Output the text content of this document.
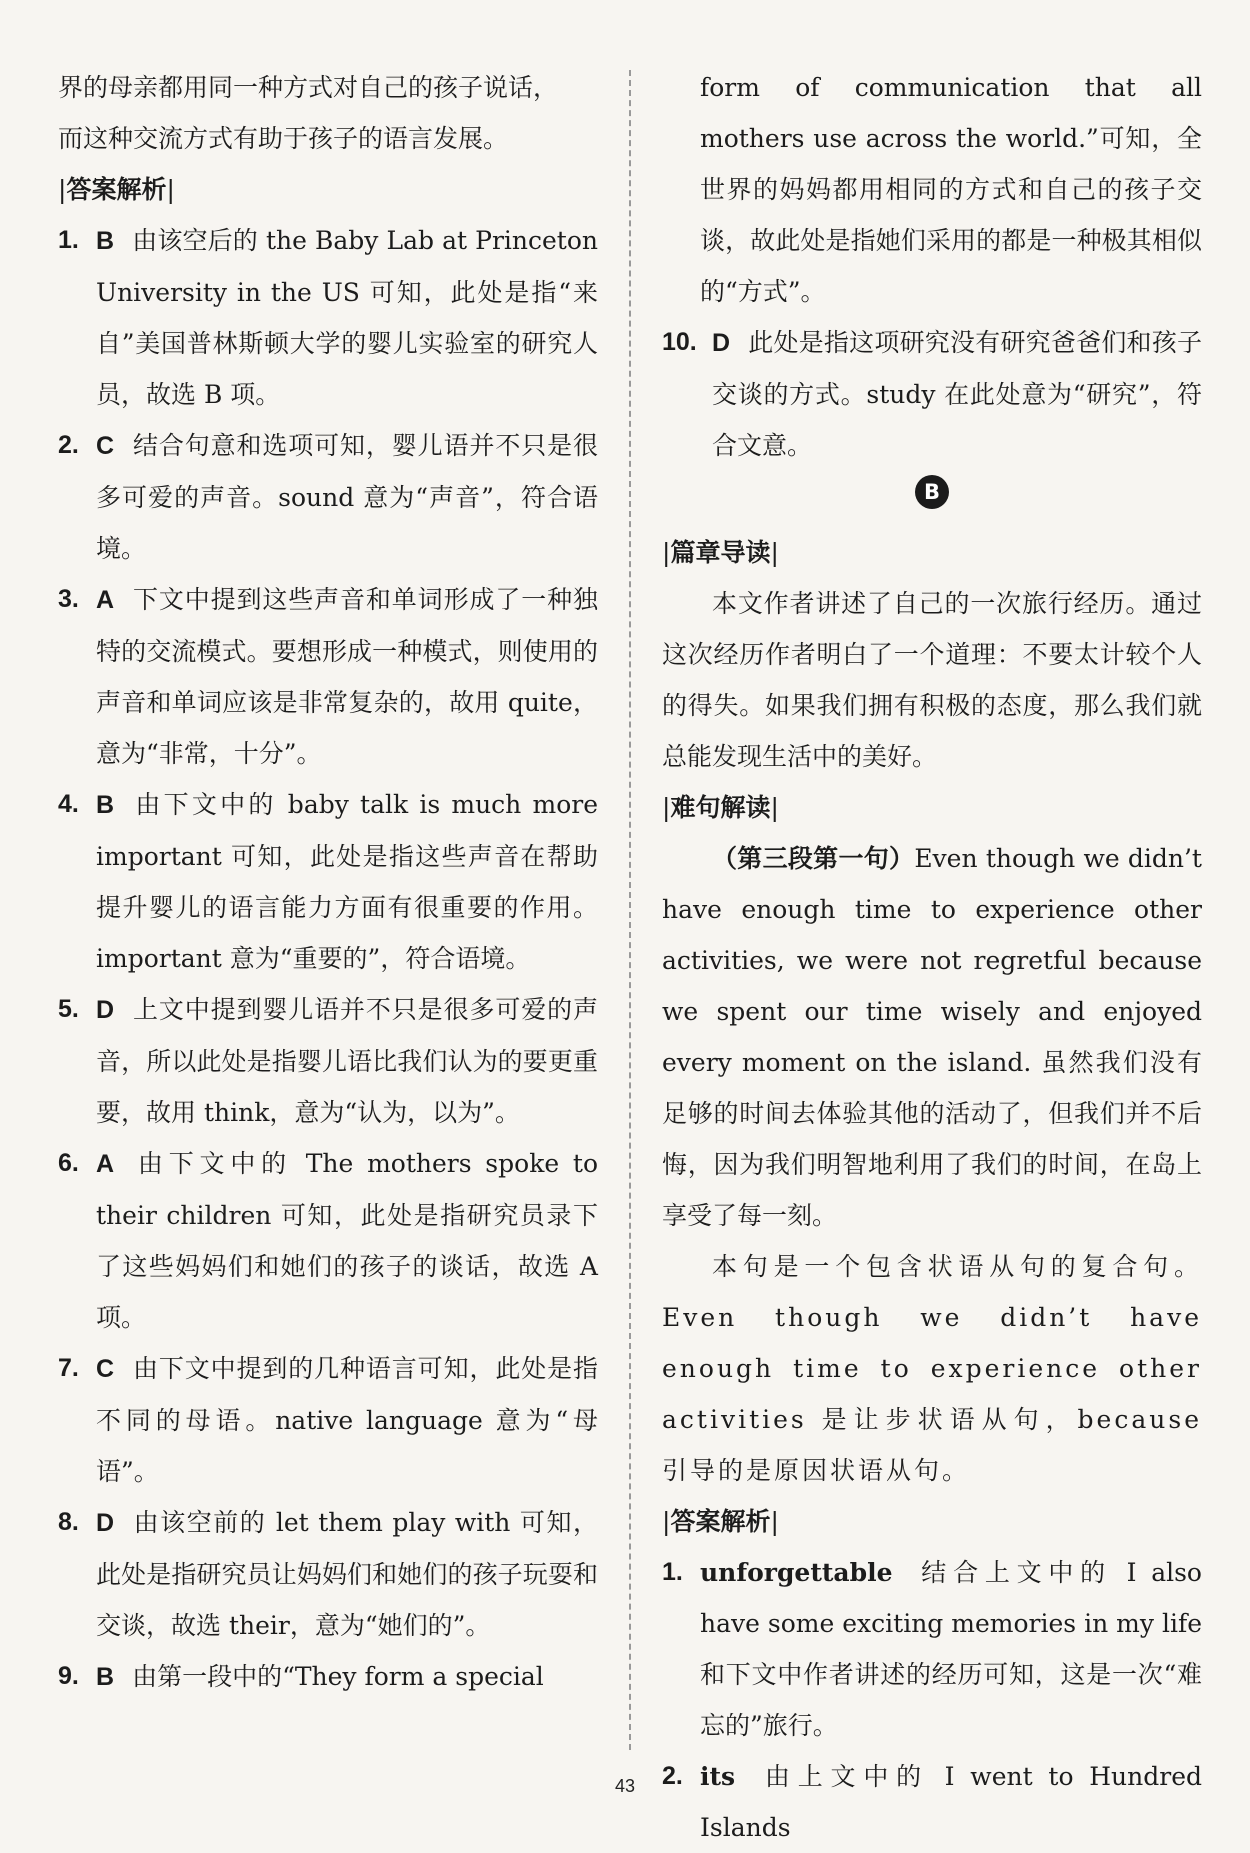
界的母亲都用同一种方式对自己的孩子说话，

而这种交流方式有助于孩子的语言发展。

|答案解析|

1. B 由该空后的 the Baby Lab at Princeton University in the US 可知，此处是指“来自”美国普林斯顿大学的婴儿实验室的研究人员，故选 B 项。
2. C 结合句意和选项可知，婴儿语并不只是很多可爱的声音。sound 意为“声音”，符合语境。
3. A 下文中提到这些声音和单词形成了一种独特的交流模式。要想形成一种模式，则使用的声音和单词应该是非常复杂的，故用 quite，意为“非常，十分”。
4. B 由下文中的 baby talk is much more important 可知，此处是指这些声音在帮助提升婴儿的语言能力方面有很重要的作用。important 意为“重要的”，符合语境。
5. D 上文中提到婴儿语并不只是很多可爱的声音，所以此处是指婴儿语比我们认为的要更重要，故用 think，意为“认为，以为”。
6. A 由下文中的 The mothers spoke to their children 可知，此处是指研究员录下了这些妈妈们和她们的孩子的谈话，故选 A 项。
7. C 由下文中提到的几种语言可知，此处是指不同的母语。native language 意为“母语”。
8. D 由该空前的 let them play with 可知，此处是指研究员让妈妈们和她们的孩子玩耍和交谈，故选 their，意为“她们的”。
9. B 由第一段中的“They form a special

form of communication that all mothers use across the world.”可知，全世界的妈妈都用相同的方式和自己的孩子交谈，故此处是指她们采用的都是一种极其相似的“方式”。

10. D 此处是指这项研究没有研究爸爸们和孩子交谈的方式。study 在此处意为“研究”，符合文意。
B

|篇章导读|

本文作者讲述了自己的一次旅行经历。通过这次经历作者明白了一个道理：不要太计较个人的得失。如果我们拥有积极的态度，那么我们就总能发现生活中的美好。

|难句解读|

（第三段第一句）Even though we didn’t have enough time to experience other activities, we were not regretful because we spent our time wisely and enjoyed every moment on the island. 虽然我们没有足够的时间去体验其他的活动了，但我们并不后悔，因为我们明智地利用了我们的时间，在岛上享受了每一刻。

本句是一个包含状语从句的复合句。Even though we didn’t have enough time to experience other activities 是让步状语从句，because 引导的是原因状语从句。

|答案解析|

1. unforgettable 结合上文中的 I also have some exciting memories in my life 和下文中作者讲述的经历可知，这是一次“难忘的”旅行。
2. its 由上文中的 I went to Hundred Islands
43
